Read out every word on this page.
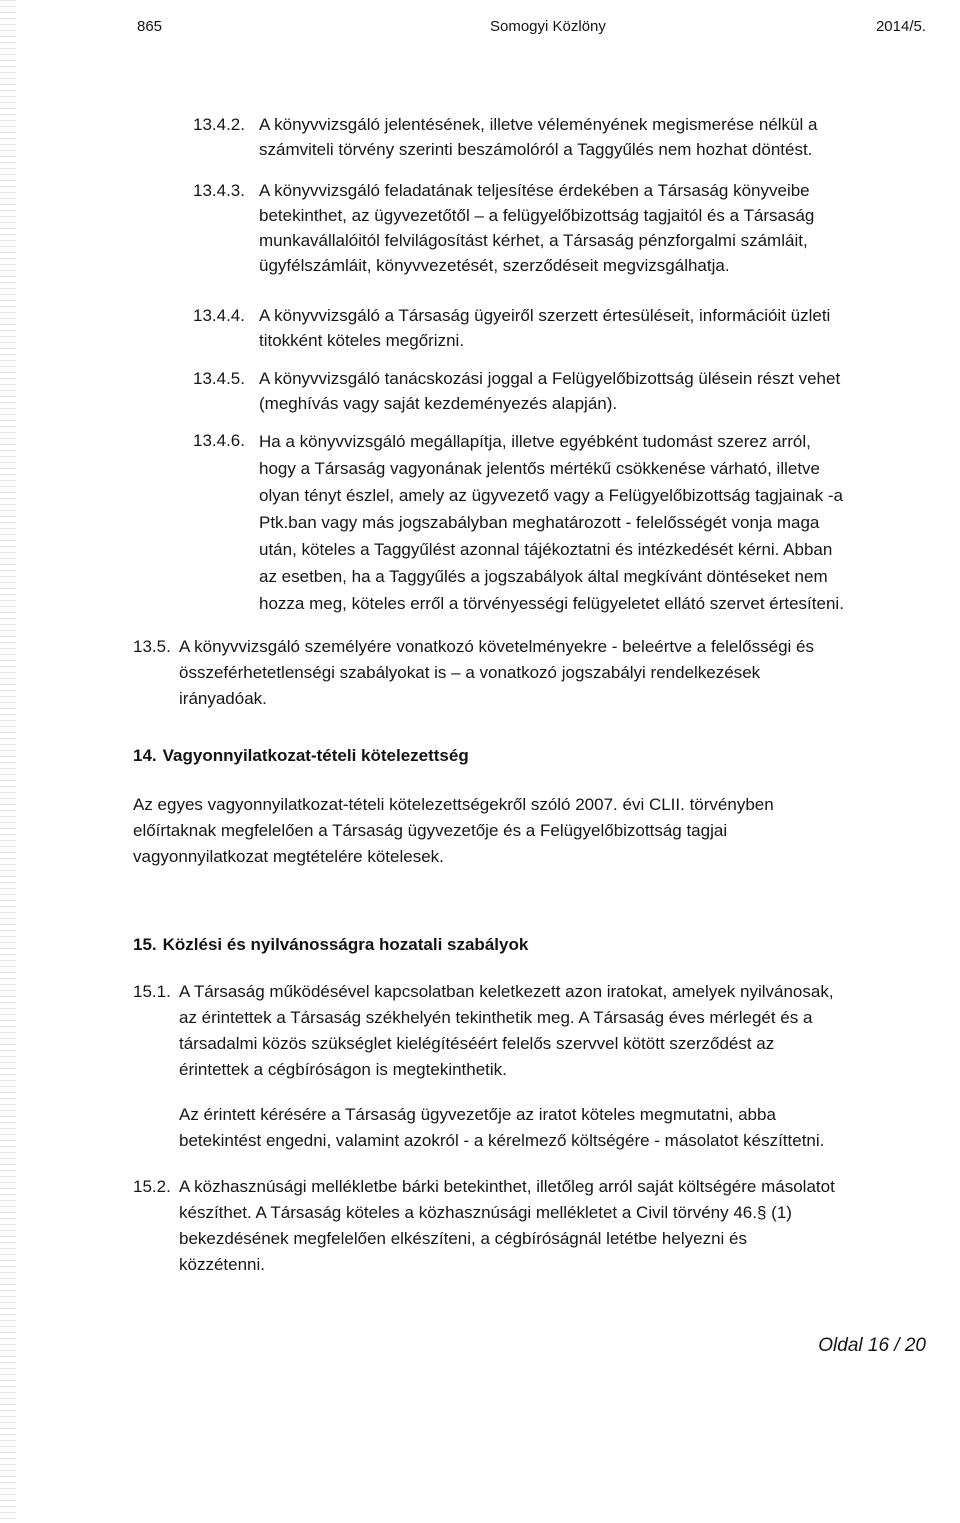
865	Somogyi Közlöny	2014/5.
13.4.2. A könyvvizsgáló jelentésének, illetve véleményének megismerése nélkül a
számviteli törvény szerinti beszámolóról a Taggyűlés nem hozhat döntést.
13.4.3. A könyvvizsgáló feladatának teljesítése érdekében a Társaság könyveibe
betekinthet, az ügyvezetőtől – a felügyelőbizottság tagjaitól és a Társaság
munkavállalóitól felvilágosítást kérhet, a Társaság pénzforgalmi számláit,
ügyfélszámláit, könyvvezetését, szerződéseit megvizsgálhatja.
13.4.4. A könyvvizsgáló a Társaság ügyeiről szerzett értesüléseit, információit üzleti
titokként köteles megőrizni.
13.4.5. A könyvvizsgáló tanácskozási joggal a Felügyelőbizottság ülésein részt vehet
(meghívás vagy saját kezdeményezés alapján).
13.4.6. Ha a könyvvizsgáló megállapítja, illetve egyébként tudomást szerez arról,
hogy a Társaság vagyonának jelentős mértékű csökkenése várható, illetve
olyan tényt észlel, amely az ügyvezető vagy a Felügyelőbizottság tagjainak -a
Ptk.ban vagy más jogszabályban meghatározott - felelősségét vonja maga
után, köteles a Taggyűlést azonnal tájékoztatni és intézkedését kérni. Abban
az esetben, ha a Taggyűlés a jogszabályok által megkívánt döntéseket nem
hozza meg, köteles erről a törvényességi felügyeletet ellátó szervet értesíteni.
13.5. A könyvvizsgáló személyére vonatkozó követelményekre - beleértve a felelősségi és
összeférhetetlenségi szabályokat is – a vonatkozó jogszabályi rendelkezések
irányadóak.
14. Vagyonnyilatkozat-tételi kötelezettség
Az egyes vagyonnyilatkozat-tételi kötelezettségekről szóló 2007. évi CLII. törvényben
előírtaknak megfelelően a Társaság ügyvezetője és a Felügyelőbizottság tagjai
vagyonnyilatkozat megtételére kötelesek.
15. Közlési és nyilvánosságra hozatali szabályok
15.1. A Társaság működésével kapcsolatban keletkezett azon iratokat, amelyek nyilvánosak,
az érintettek a Társaság székhelyén tekinthetik meg. A Társaság éves mérlegét és a
társadalmi közös szükséglet kielégítéséért felelős szervvel kötött szerződést az
érintettek a cégbíróságon is megtekinthetik.
Az érintett kérésére a Társaság ügyvezetője az iratot köteles megmutatni, abba
betekintést engedni, valamint azokról - a kérelmező költségére - másolatot készíttetni.
15.2. A közhasznúsági mellékletbe bárki betekinthet, illetőleg arról saját költségére másolatot
készíthet. A Társaság köteles a közhasznúsági mellékletet a Civil törvény 46.§ (1)
bekezdésének megfelelően elkészíteni, a cégbíróságnál letétbe helyezni és
közzétenni.
Oldal 16 / 20
